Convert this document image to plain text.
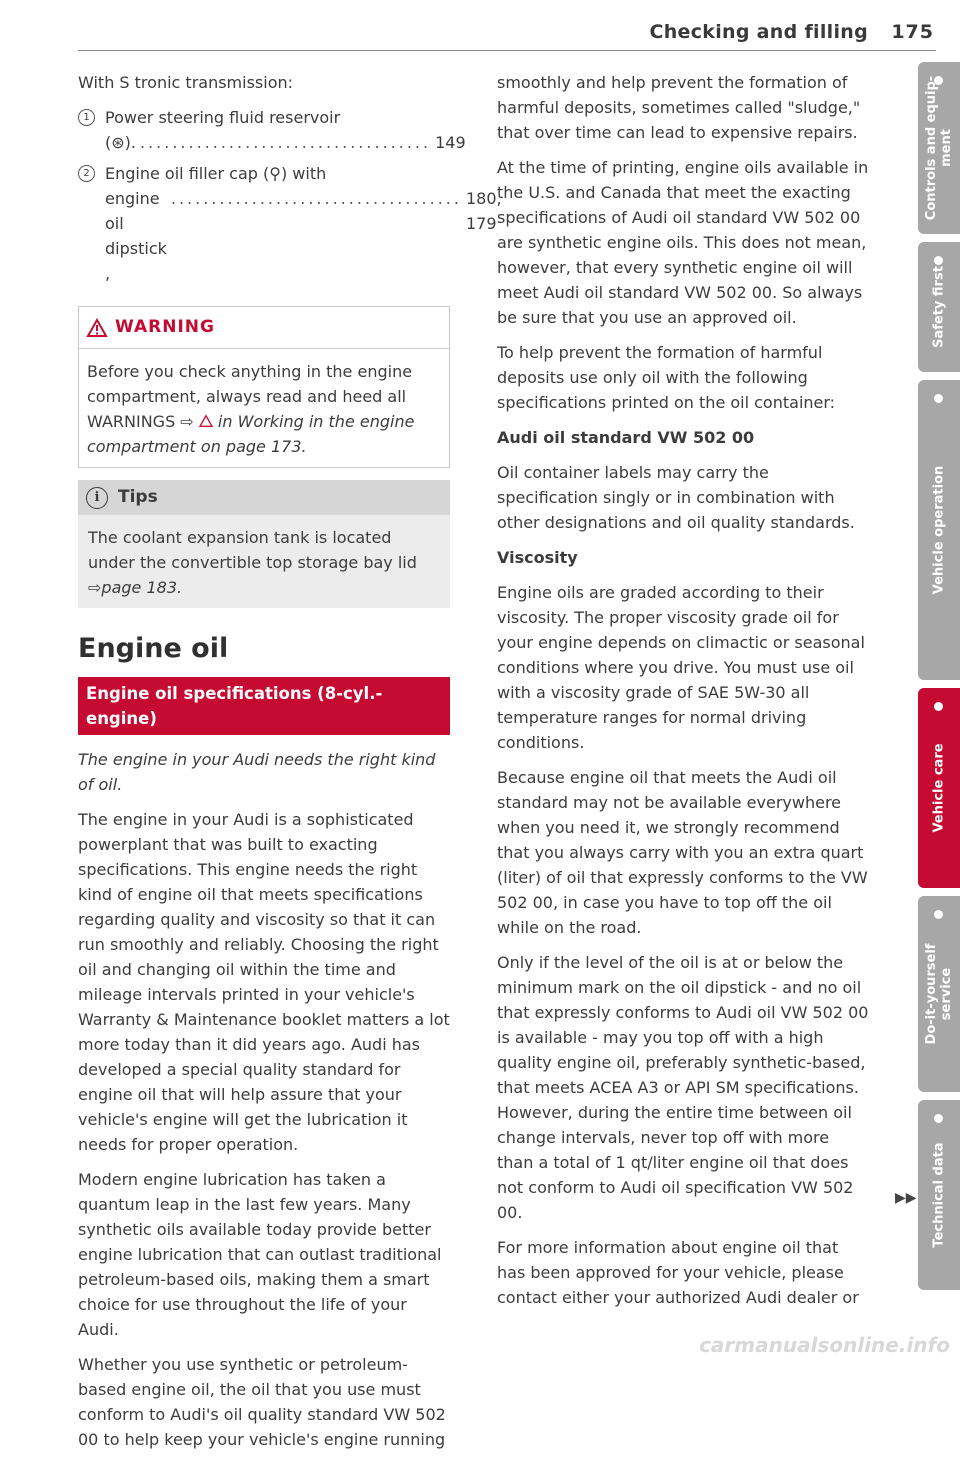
Checking and filling 175

With S tronic transmission:

1 Power steering fluid reservoir
(⊛). .................................... 149
2 Engine oil filler cap (⚲) with
engine oil dipstick ,
.................................... 180, 179
WARNING
Before you check anything in the engine compartment, always read and heed all WARNINGS ⇨ in Working in the engine compartment on page 173.
i	Tips
The coolant expansion tank is located under the convertible top storage bay lid ⇨page 183.
Engine oil
Engine oil specifications (8-cyl.-engine)

The engine in your Audi needs the right kind of oil.

The engine in your Audi is a sophisticated powerplant that was built to exacting specifications. This engine needs the right kind of engine oil that meets specifications regarding quality and viscosity so that it can run smoothly and reliably. Choosing the right oil and changing oil within the time and mileage intervals printed in your vehicle's Warranty & Maintenance booklet matters a lot more today than it did years ago. Audi has developed a special quality standard for engine oil that will help assure that your vehicle's engine will get the lubrication it needs for proper operation.

Modern engine lubrication has taken a quantum leap in the last few years. Many synthetic oils available today provide better engine lubrication that can outlast traditional petroleum-based oils, making them a smart choice for use throughout the life of your Audi.

Whether you use synthetic or petroleum-based engine oil, the oil that you use must conform to Audi's oil quality standard VW 502 00 to help keep your vehicle's engine running

smoothly and help prevent the formation of harmful deposits, sometimes called "sludge," that over time can lead to expensive repairs.

At the time of printing, engine oils available in the U.S. and Canada that meet the exacting specifications of Audi oil standard VW 502 00 are synthetic engine oils. This does not mean, however, that every synthetic engine oil will meet Audi oil standard VW 502 00. So always be sure that you use an approved oil.

To help prevent the formation of harmful deposits use only oil with the following specifications printed on the oil container:

Audi oil standard VW 502 00

Oil container labels may carry the specification singly or in combination with other designations and oil quality standards.

Viscosity

Engine oils are graded according to their viscosity. The proper viscosity grade oil for your engine depends on climactic or seasonal conditions where you drive. You must use oil with a viscosity grade of SAE 5W-30 all temperature ranges for normal driving conditions.

Because engine oil that meets the Audi oil standard may not be available everywhere when you need it, we strongly recommend that you always carry with you an extra quart (liter) of oil that expressly conforms to the VW 502 00, in case you have to top off the oil while on the road.

Only if the level of the oil is at or below the minimum mark on the oil dipstick - and no oil that expressly conforms to Audi oil VW 502 00 is available - may you top off with a high quality engine oil, preferably synthetic-based, that meets ACEA A3 or API SM specifications. However, during the entire time between oil change intervals, never top off with more than a total of 1 qt/liter engine oil that does not conform to Audi oil specification VW 502 00.

For more information about engine oil that has been approved for your vehicle, please contact either your authorized Audi dealer or

▶▶
Controls and equip-
ment
Safety first
Vehicle operation
Vehicle care
Do-it-yourself
service
Technical data
carmanualsonline.info
